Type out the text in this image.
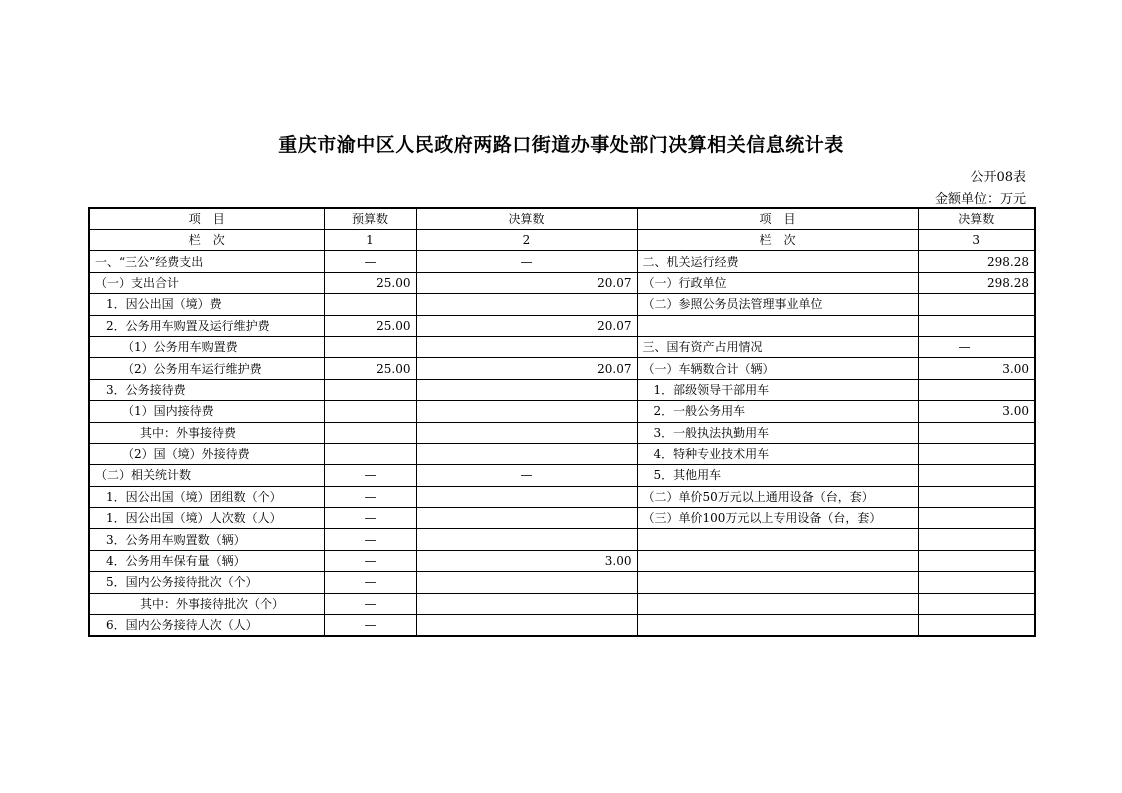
重庆市渝中区人民政府两路口街道办事处部门决算相关信息统计表
公开08表
金额单位：万元
项　目	预算数	决算数	项　目	决算数
栏　次	1	2	栏　次	3
一、“三公”经费支出	—	—	二、机关运行经费	298.28
（一）支出合计	25.00	20.07	（一）行政单位	298.28
1．因公出国（境）费			（二）参照公务员法管理事业单位	
2．公务用车购置及运行维护费	25.00	20.07		
（1）公务用车购置费			三、国有资产占用情况	—
（2）公务用车运行维护费	25.00	20.07	（一）车辆数合计（辆）	3.00
3．公务接待费			1．部级领导干部用车	
（1）国内接待费			2．一般公务用车	3.00
其中：外事接待费			3．一般执法执勤用车	
（2）国（境）外接待费			4．特种专业技术用车	
（二）相关统计数	—	—	5．其他用车	
1．因公出国（境）团组数（个）	—		（二）单价50万元以上通用设备（台，套）	
1．因公出国（境）人次数（人）	—		（三）单价100万元以上专用设备（台，套）	
3．公务用车购置数（辆）	—			
4．公务用车保有量（辆）	—	3.00		
5．国内公务接待批次（个）	—			
其中：外事接待批次（个）	—			
6．国内公务接待人次（人）	—			
